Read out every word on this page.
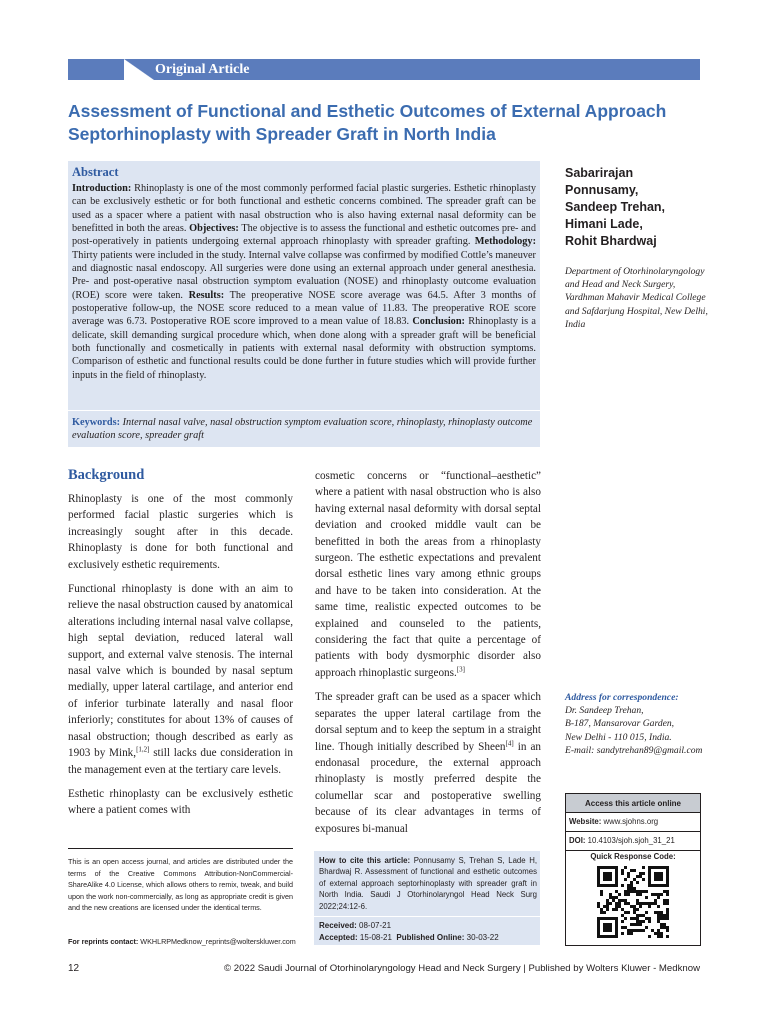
Original Article
Assessment of Functional and Esthetic Outcomes of External Approach Septorhinoplasty with Spreader Graft in North India
Abstract
Introduction: Rhinoplasty is one of the most commonly performed facial plastic surgeries. Esthetic rhinoplasty can be exclusively esthetic or for both functional and esthetic concerns combined. The spreader graft can be used as a spacer where a patient with nasal obstruction who is also having external nasal deformity can be benefitted in both the areas. Objectives: The objective is to assess the functional and esthetic outcomes pre- and post-operatively in patients undergoing external approach rhinoplasty with spreader grafting. Methodology: Thirty patients were included in the study. Internal valve collapse was confirmed by modified Cottle’s maneuver and diagnostic nasal endoscopy. All surgeries were done using an external approach under general anesthesia. Pre- and post-operative nasal obstruction symptom evaluation (NOSE) and rhinoplasty outcome evaluation (ROE) score were taken. Results: The preoperative NOSE score average was 64.5. After 3 months of postoperative follow-up, the NOSE score reduced to a mean value of 11.83. The preoperative ROE score average was 6.73. Postoperative ROE score improved to a mean value of 18.83. Conclusion: Rhinoplasty is a delicate, skill demanding surgical procedure which, when done along with a spreader graft will be beneficial both functionally and cosmetically in patients with external nasal deformity with obstruction symptoms. Comparison of esthetic and functional results could be done further in future studies which will provide further inputs in the field of rhinoplasty.
Keywords: Internal nasal valve, nasal obstruction symptom evaluation score, rhinoplasty, rhinoplasty outcome evaluation score, spreader graft
Sabarirajan
Ponnusamy,
Sandeep Trehan,
Himani Lade,
Rohit Bhardwaj
Department of Otorhinolaryngology and Head and Neck Surgery, Vardhman Mahavir Medical College and Safdarjung Hospital, New Delhi, India
Background

Rhinoplasty is one of the most commonly performed facial plastic surgeries which is increasingly sought after in this decade. Rhinoplasty is done for both functional and exclusively esthetic requirements.

Functional rhinoplasty is done with an aim to relieve the nasal obstruction caused by anatomical alterations including internal nasal valve collapse, high septal deviation, reduced lateral wall support, and external valve stenosis. The internal nasal valve which is bounded by nasal septum medially, upper lateral cartilage, and anterior end of inferior turbinate laterally and nasal floor inferiorly; constitutes for about 13% of causes of nasal obstruction; though described as early as 1903 by Mink,[1,2] still lacks due consideration in the management even at the tertiary care levels.

Esthetic rhinoplasty can be exclusively esthetic where a patient comes with

cosmetic concerns or “functional–aesthetic” where a patient with nasal obstruction who is also having external nasal deformity with dorsal septal deviation and crooked middle vault can be benefitted in both the areas from a rhinoplasty surgeon. The esthetic expectations and prevalent dorsal esthetic lines vary among ethnic groups and have to be taken into consideration. At the same time, realistic expected outcomes to be explained and counseled to the patients, considering the fact that quite a percentage of patients with body dysmorphic disorder also approach rhinoplastic surgeons.[3]

The spreader graft can be used as a spacer which separates the upper lateral cartilage from the dorsal septum and to keep the septum in a straight line. Though initially described by Sheen[4] in an endonasal procedure, the external approach rhinoplasty is mostly preferred despite the columellar scar and postoperative swelling because of its clear advantages in terms of exposures bi-manual

This is an open access journal, and articles are distributed under the terms of the Creative Commons Attribution-NonCommercial-ShareAlike 4.0 License, which allows others to remix, tweak, and build upon the work non-commercially, as long as appropriate credit is given and the new creations are licensed under the identical terms.
For reprints contact: WKHLRPMedknow_reprints@wolterskluwer.com
How to cite this article: Ponnusamy S, Trehan S, Lade H, Bhardwaj R. Assessment of functional and esthetic outcomes of external approach septorhinoplasty with spreader graft in North India. Saudi J Otorhinolaryngol Head Neck Surg 2022;24:12-6.
Received: 08-07-21
Accepted: 15-08-21 Published Online: 30-03-22
Address for correspondence:
Dr. Sandeep Trehan,
B-187, Mansarovar Garden,
New Delhi - 110 015, India.
E-mail: sandytrehan89@gmail.com
Access this article online
Website: www.sjohns.org
DOI: 10.4103/sjoh.sjoh_31_21
Quick Response Code:
12	© 2022 Saudi Journal of Otorhinolaryngology Head and Neck Surgery | Published by Wolters Kluwer - Medknow
